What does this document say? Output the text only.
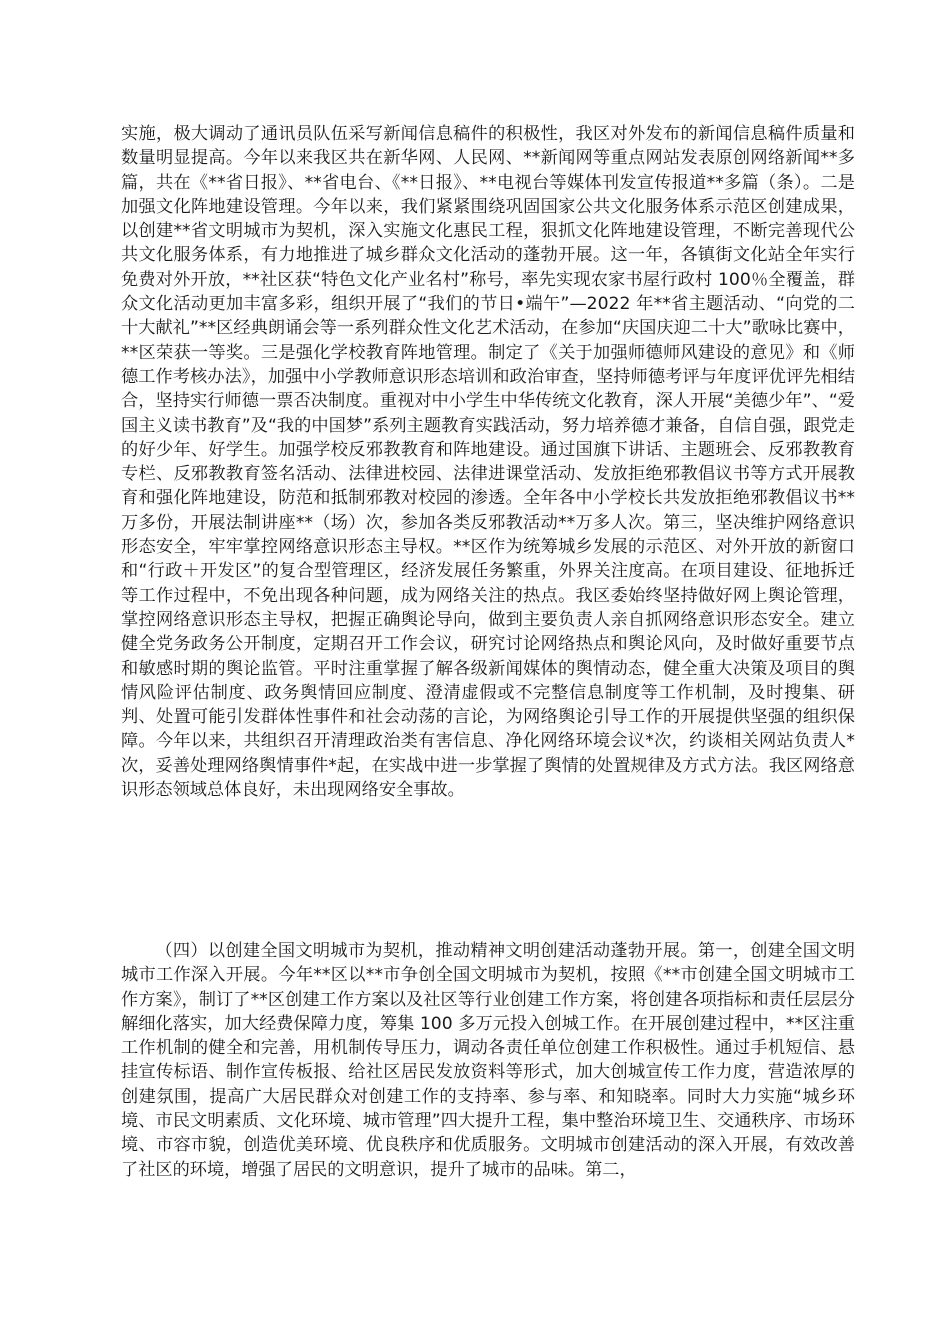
实施，极大调动了通讯员队伍采写新闻信息稿件的积极性，我区对外发布的新闻信息稿件质量和数量明显提高。今年以来我区共在新华网、人民网、**新闻网等重点网站发表原创网络新闻**多篇，共在《**省日报》、**省电台、《**日报》、**电视台等媒体刊发宣传报道**多篇（条）。二是加强文化阵地建设管理。今年以来，我们紧紧围绕巩固国家公共文化服务体系示范区创建成果，以创建**省文明城市为契机，深入实施文化惠民工程，狠抓文化阵地建设管理，不断完善现代公共文化服务体系，有力地推进了城乡群众文化活动的蓬勃开展。这一年，各镇街文化站全年实行免费对外开放，**社区获“特色文化产业名村”称号，率先实现农家书屋行政村 100％全覆盖，群众文化活动更加丰富多彩，组织开展了“我们的节日•端午”—2022 年**省主题活动、“向党的二十大献礼”**区经典朗诵会等一系列群众性文化艺术活动，在参加“庆国庆迎二十大”歌咏比赛中，**区荣获一等奖。三是强化学校教育阵地管理。制定了《关于加强师德师风建设的意见》和《师德工作考核办法》，加强中小学教师意识形态培训和政治审查，坚持师德考评与年度评优评先相结合，坚持实行师德一票否决制度。重视对中小学生中华传统文化教育，深人开展“美德少年”、“爱国主义读书教育”及“我的中国梦”系列主题教育实践活动，努力培养德才兼备，自信自强，跟党走的好少年、好学生。加强学校反邪教教育和阵地建设。通过国旗下讲话、主题班会、反邪教教育专栏、反邪教教育签名活动、法律进校园、法律进课堂活动、发放拒绝邪教倡议书等方式开展教育和强化阵地建设，防范和抵制邪教对校园的渗透。全年各中小学校长共发放拒绝邪教倡议书**万多份，开展法制讲座**（场）次，参加各类反邪教活动**万多人次。第三，坚决维护网络意识形态安全，牢牢掌控网络意识形态主导权。**区作为统筹城乡发展的示范区、对外开放的新窗口和“行政＋开发区”的复合型管理区，经济发展任务繁重，外界关注度高。在项目建设、征地拆迁等工作过程中，不免出现各种问题，成为网络关注的热点。我区委始终坚持做好网上舆论管理，掌控网络意识形态主导权，把握正确舆论导向，做到主要负责人亲自抓网络意识形态安全。建立健全党务政务公开制度，定期召开工作会议，研究讨论网络热点和舆论风向，及时做好重要节点和敏感时期的舆论监管。平时注重掌握了解各级新闻媒体的舆情动态，健全重大决策及项目的舆情风险评估制度、政务舆情回应制度、澄清虚假或不完整信息制度等工作机制，及时搜集、研判、处置可能引发群体性事件和社会动荡的言论，为网络舆论引导工作的开展提供坚强的组织保障。今年以来，共组织召开清理政治类有害信息、净化网络环境会议*次，约谈相关网站负责人*次，妥善处理网络舆情事件*起，在实战中进一步掌握了舆情的处置规律及方式方法。我区网络意识形态领域总体良好，未出现网络安全事故。

（四）以创建全国文明城市为契机，推动精神文明创建活动蓬勃开展。第一，创建全国文明城市工作深入开展。今年**区以**市争创全国文明城市为契机，按照《**市创建全国文明城市工作方案》，制订了**区创建工作方案以及社区等行业创建工作方案，将创建各项指标和责任层层分解细化落实，加大经费保障力度，筹集 100 多万元投入创城工作。在开展创建过程中，**区注重工作机制的健全和完善，用机制传导压力，调动各责任单位创建工作积极性。通过手机短信、悬挂宣传标语、制作宣传板报、给社区居民发放资料等形式，加大创城宣传工作力度，营造浓厚的创建氛围，提高广大居民群众对创建工作的支持率、参与率、和知晓率。同时大力实施“城乡环境、市民文明素质、文化环境、城市管理”四大提升工程，集中整治环境卫生、交通秩序、市场环境、市容市貌，创造优美环境、优良秩序和优质服务。文明城市创建活动的深入开展，有效改善了社区的环境，增强了居民的文明意识，提升了城市的品味。第二，
